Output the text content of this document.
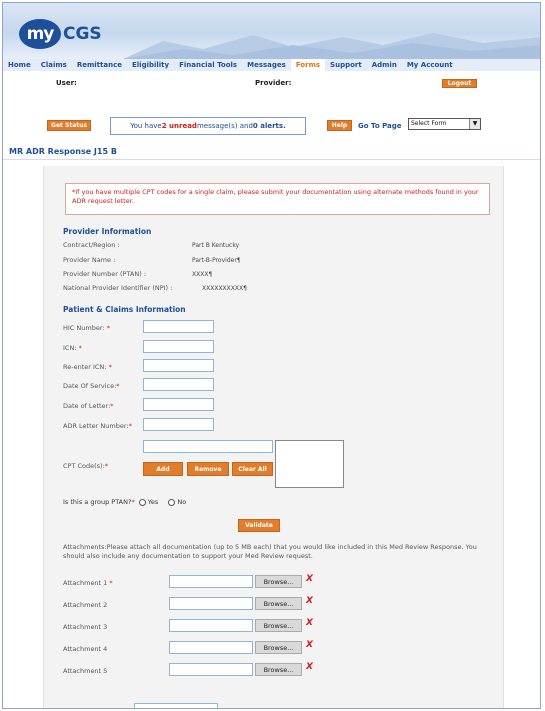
my CGS
Home	Claims	Remittance	Eligibility	Financial Tools	Messages	Forms	Support	Admin	My Account
User:	Provider:	Logout
Get Status	You have 2 unread message(s) and 0 alerts.	Help	Go To Page	Select Form	▼
MR ADR Response J15 B
*If you have multiple CPT codes for a single claim, please submit your documentation using alternate methods found in your ADR request letter.
Provider Information
Contract/Region :	Part B Kentucky
Provider Name :	Part-B-Provider¶
Provider Number (PTAN) :	XXXX¶
National Provider Identifier (NPI) :	XXXXXXXXXX¶
Patient & Claims Information
HIC Number: *
ICN: *
Re-enter ICN: *
Date Of Service:*
Date of Letter:*
ADR Letter Number:*
CPT Code(s):*	Add	Remove	Clear All
Is this a group PTAN?* Yes	No
Validate
Attachments:Please attach all documentation (up to 5 MB each) that you would like included in this Med Review Response. You should also include any documentation to support your Med Review request.
Attachment 1 *	Browse...	X
Attachment 2	Browse...	X
Attachment 3	Browse...	X
Attachment 4	Browse...	X
Attachment 5	Browse...	X
